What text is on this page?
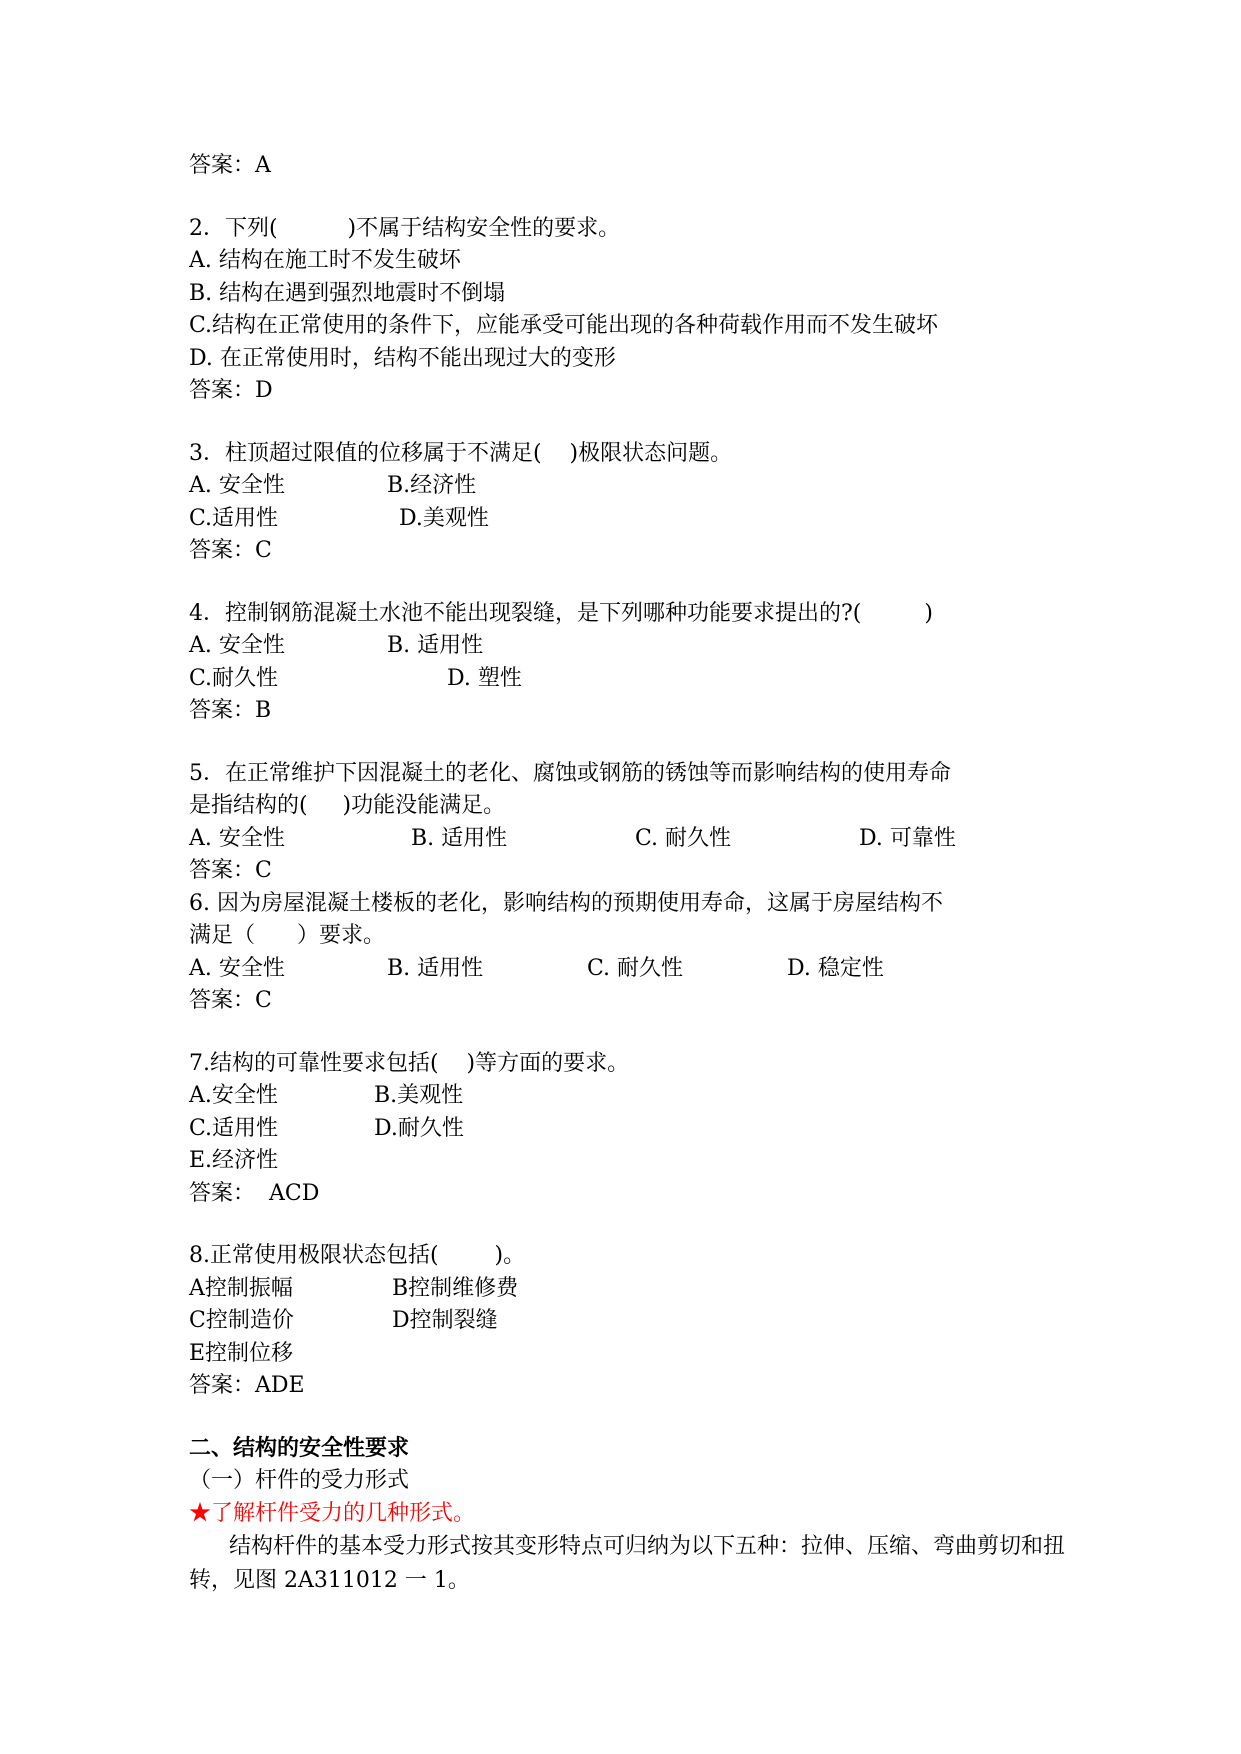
答案：A
2．下列(          )不属于结构安全性的要求。
A. 结构在施工时不发生破坏
B. 结构在遇到强烈地震时不倒塌
C.结构在正常使用的条件下，应能承受可能出现的各种荷载作用而不发生破坏
D. 在正常使用时，结构不能出现过大的变形
答案：D
3．柱顶超过限值的位移属于不满足(    )极限状态问题。
A. 安全性	B.经济性
C.适用性	D.美观性
答案：C
4．控制钢筋混凝土水池不能出现裂缝，是下列哪种功能要求提出的?(         )
A. 安全性	B. 适用性
C.耐久性	D. 塑性
答案：B
5．在正常维护下因混凝土的老化、腐蚀或钢筋的锈蚀等而影响结构的使用寿命
是指结构的(     )功能没能满足。
A. 安全性	B. 适用性	C. 耐久性	D. 可靠性
答案：C
6. 因为房屋混凝土楼板的老化，影响结构的预期使用寿命，这属于房屋结构不
满足（      ）要求。
A. 安全性	B. 适用性	C. 耐久性	D. 稳定性
答案：C
7.结构的可靠性要求包括(    )等方面的要求。
A.安全性	B.美观性
C.适用性	D.耐久性
E.经济性
答案：  ACD
8.正常使用极限状态包括(        )。
A控制振幅	B控制维修费
C控制造价	D控制裂缝
E控制位移
答案：ADE
二、结构的安全性要求
（一）杆件的受力形式
★了解杆件受力的几种形式。
结构杆件的基本受力形式按其变形特点可归纳为以下五种：拉伸、压缩、弯曲剪切和扭转，见图 2A311012 一 1。
